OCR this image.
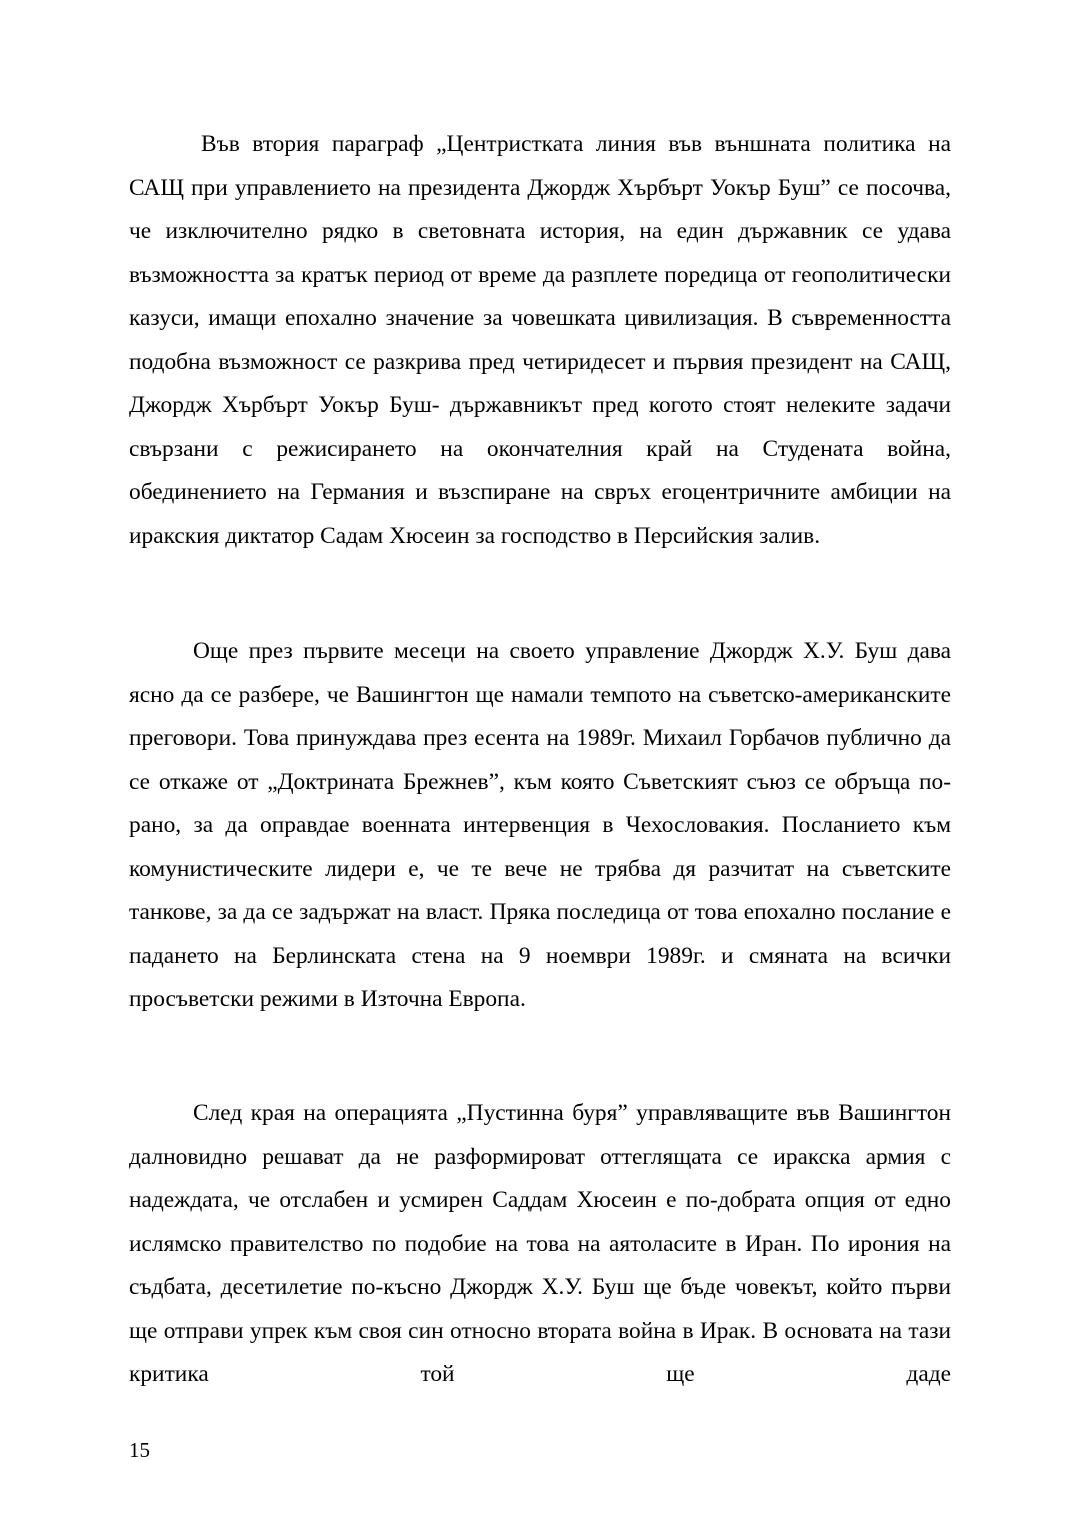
Във втория параграф „Центристката линия във външната политика на САЩ при управлението на президента Джордж Хърбърт Уокър Буш” се посочва, че изключително рядко в световната история, на един държавник се удава възможността за кратък период от време да разплете поредица от геополитически казуси, имащи епохално значение за човешката цивилизация. В съвременността подобна възможност се разкрива пред четиридесет и първия президент на САЩ, Джордж Хърбърт Уокър Буш- държавникът пред когото стоят нелеките задачи свързани с режисирането на окончателния край на Студената война, обединението на Германия и възспиране на свръх егоцентричните амбиции на иракския диктатор Садам Хюсеин за господство в Персийския залив.

Още през първите месеци на своето управление Джордж Х.У. Буш дава ясно да се разбере, че Вашингтон ще намали темпото на съветско-американските преговори. Това принуждава през есента на 1989г. Михаил Горбачов публично да се откаже от „Доктрината Брежнев”, към която Съветският съюз се обръща по-рано, за да оправдае военната интервенция в Чехословакия. Посланието към комунистическите лидери е, че те вече не трябва дя разчитат на съветските танкове, за да се задържат на власт. Пряка последица от това епохално послание е падането на Берлинската стена на 9 ноември 1989г. и смяната на всички просъветски режими в Източна Европа.

След края на операцията „Пустинна буря” управляващите във Вашингтон далновидно решават да не разформироват оттеглящата се иракска армия с надеждата, че отслабен и усмирен Саддам Хюсеин е по-добрата опция от едно ислямско правителство по подобие на това на аятоласите в Иран. По ирония на съдбата, десетилетие по-късно Джордж Х.У. Буш ще бъде човекът, който първи ще отправи упрек към своя син относно втората война в Ирак. В основата на тази критика той ще даде

15
